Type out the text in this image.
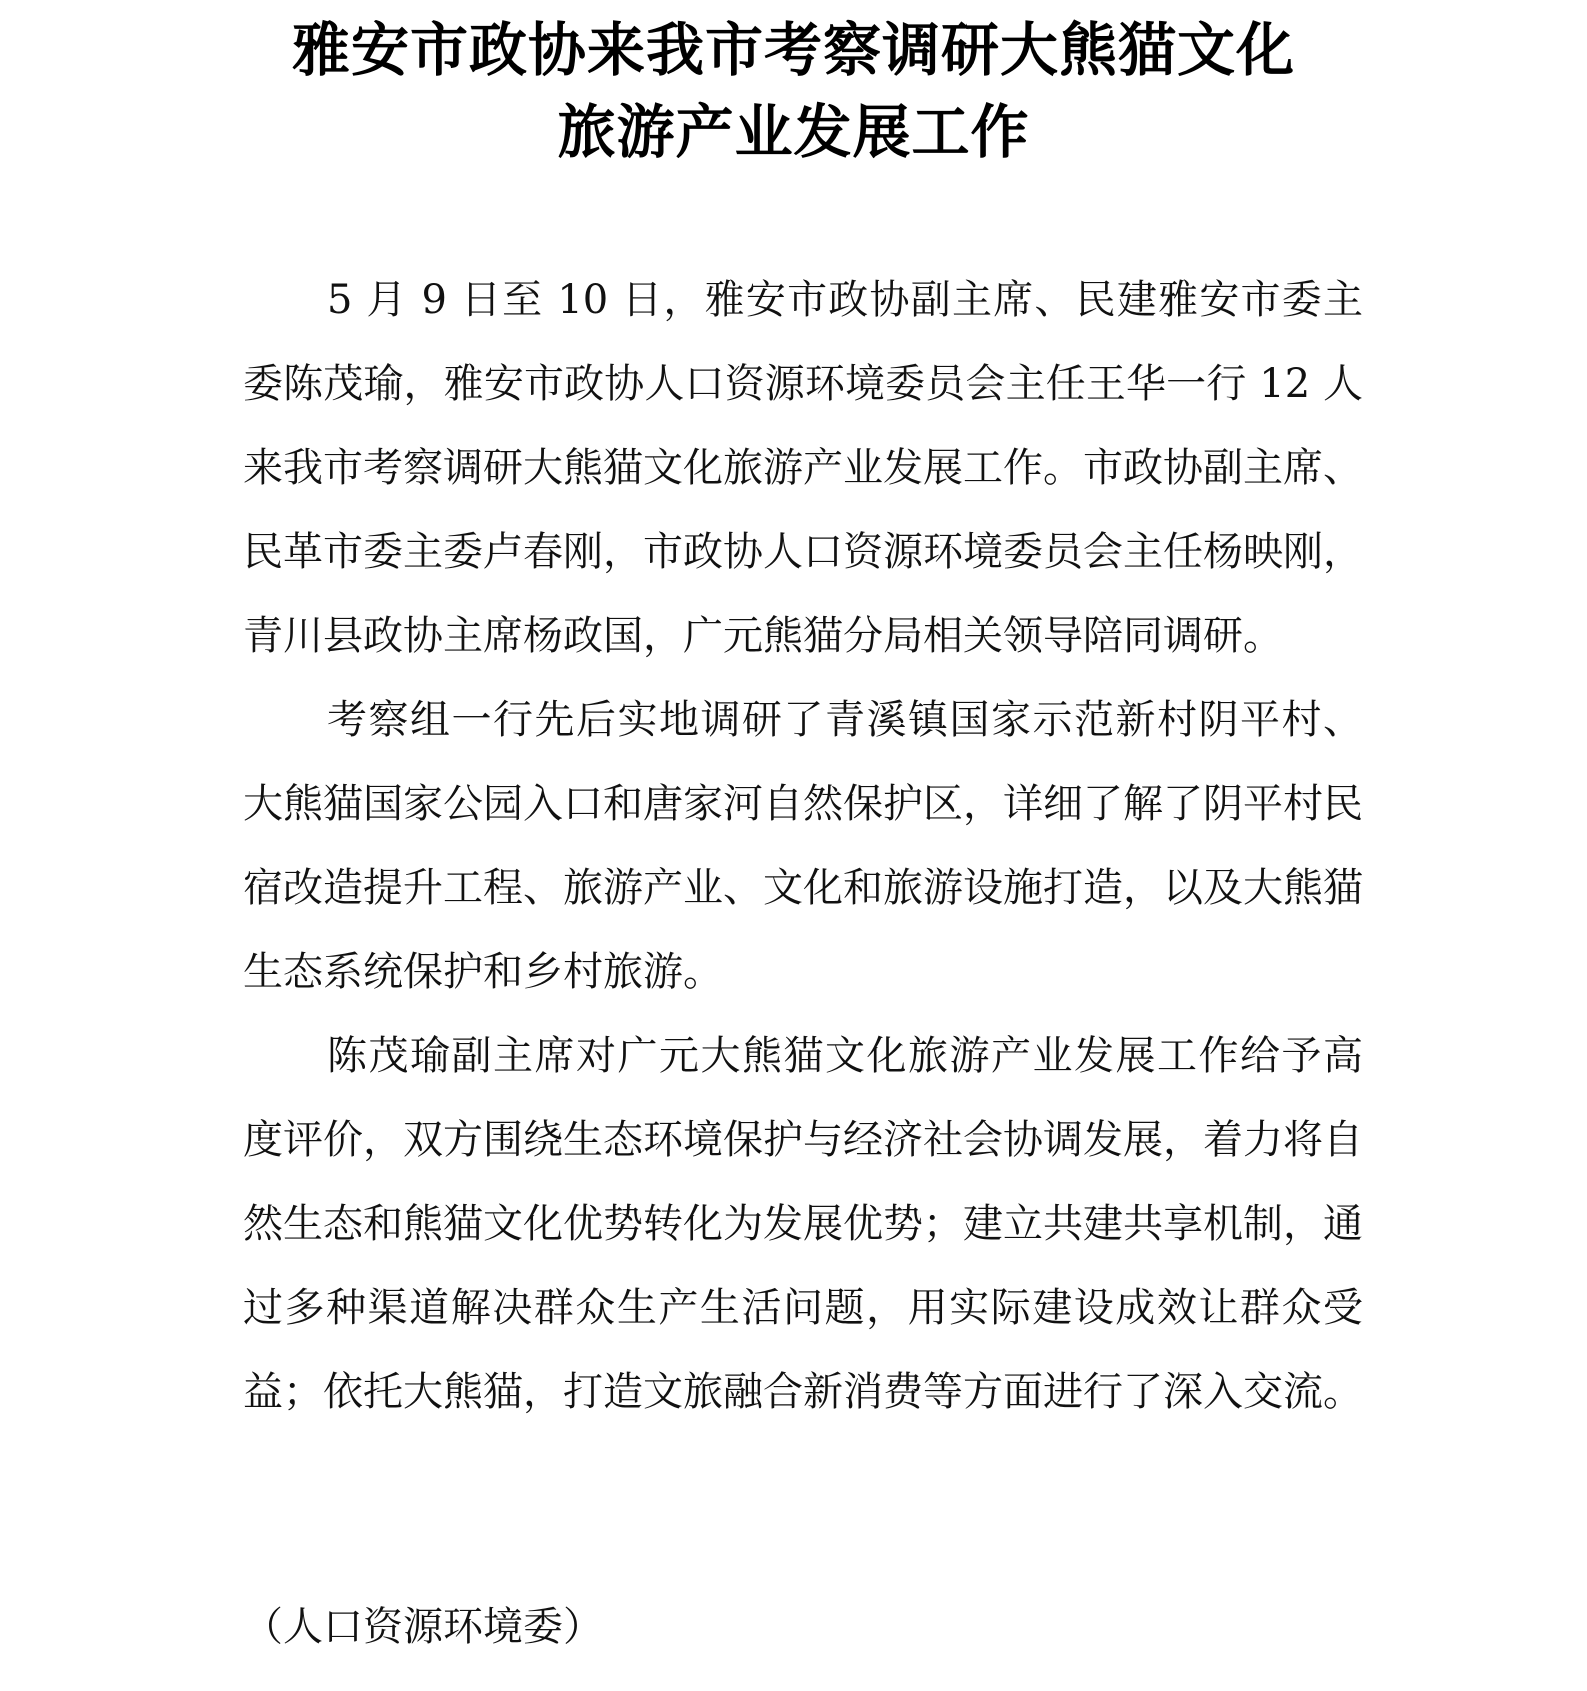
雅安市政协来我市考察调研大熊猫文化
旅游产业发展工作

5 月 9 日至 10 日，雅安市政协副主席、民建雅安市委主委陈茂瑜，雅安市政协人口资源环境委员会主任王华一行 12 人来我市考察调研大熊猫文化旅游产业发展工作。市政协副主席、民革市委主委卢春刚，市政协人口资源环境委员会主任杨映刚，青川县政协主席杨政国，广元熊猫分局相关领导陪同调研。

考察组一行先后实地调研了青溪镇国家示范新村阴平村、大熊猫国家公园入口和唐家河自然保护区，详细了解了阴平村民宿改造提升工程、旅游产业、文化和旅游设施打造，以及大熊猫生态系统保护和乡村旅游。

陈茂瑜副主席对广元大熊猫文化旅游产业发展工作给予高度评价，双方围绕生态环境保护与经济社会协调发展，着力将自然生态和熊猫文化优势转化为发展优势；建立共建共享机制，通过多种渠道解决群众生产生活问题，用实际建设成效让群众受益；依托大熊猫，打造文旅融合新消费等方面进行了深入交流。

（人口资源环境委）
